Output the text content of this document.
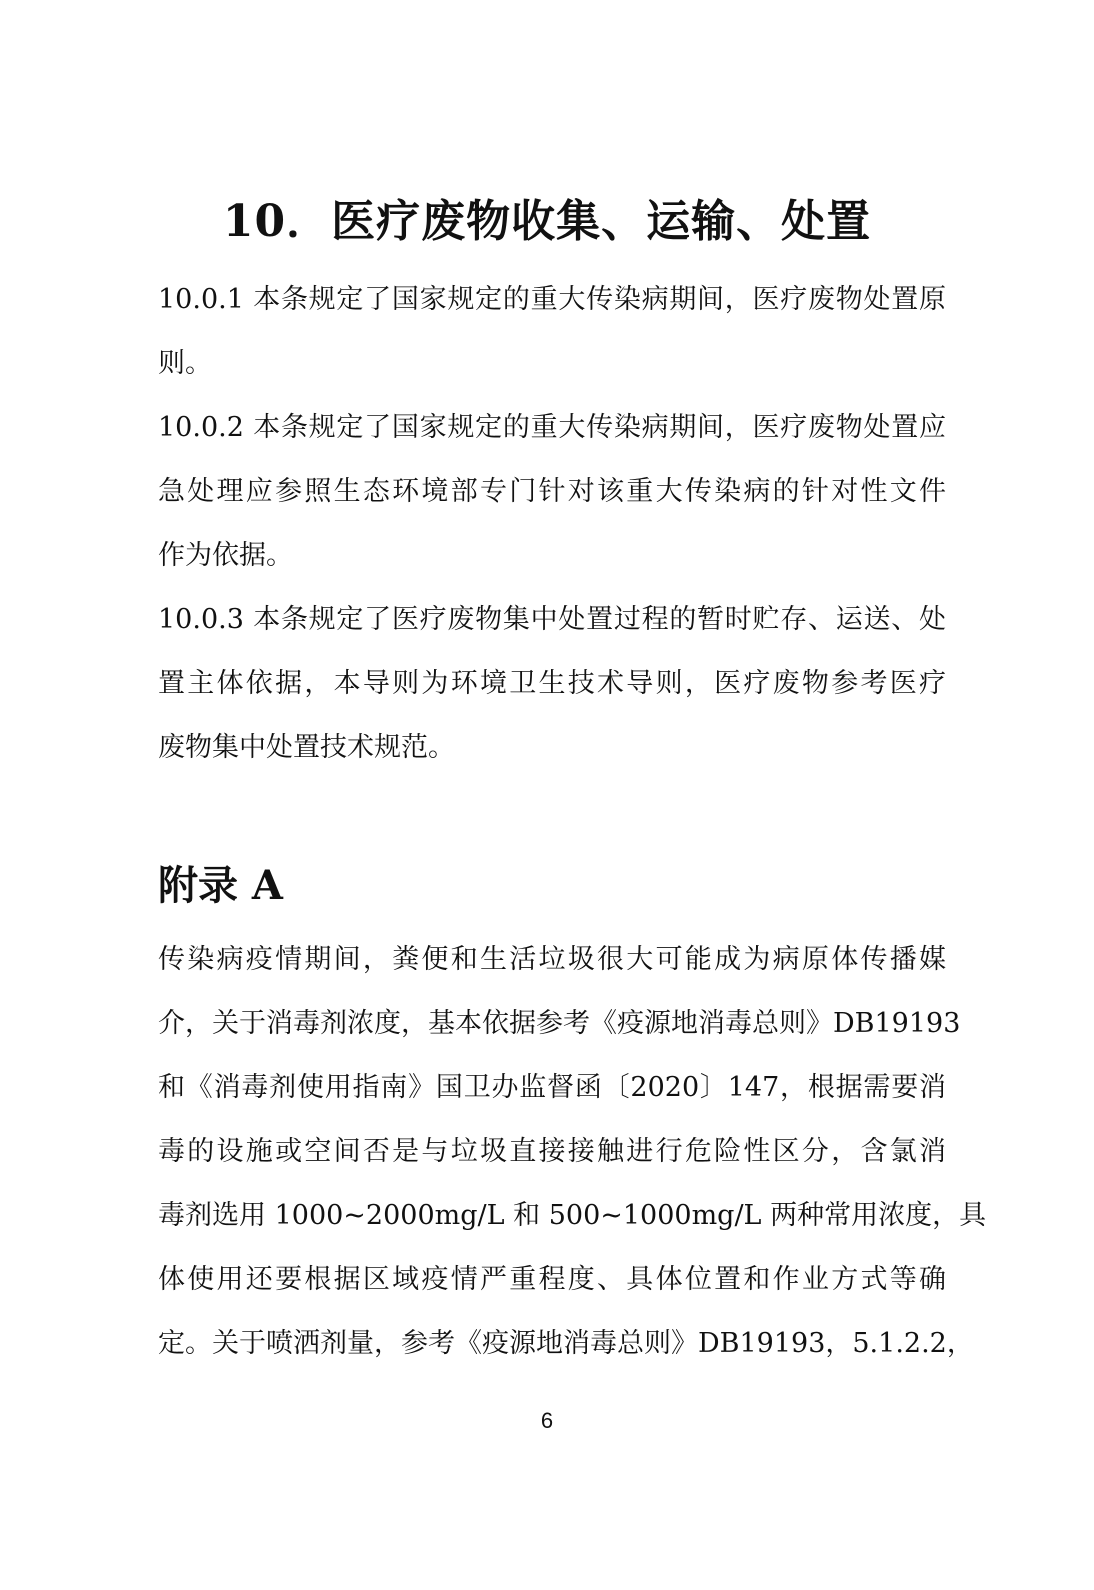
10．医疗废物收集、运输、处置
10.0.1 本条规定了国家规定的重大传染病期间，医疗废物处置原
则。
10.0.2 本条规定了国家规定的重大传染病期间，医疗废物处置应
急处理应参照生态环境部专门针对该重大传染病的针对性文件
作为依据。
10.0.3 本条规定了医疗废物集中处置过程的暂时贮存、运送、处
置主体依据，本导则为环境卫生技术导则，医疗废物参考医疗
废物集中处置技术规范。
附录 A
传染病疫情期间，粪便和生活垃圾很大可能成为病原体传播媒
介，关于消毒剂浓度，基本依据参考《疫源地消毒总则》DB19193
和《消毒剂使用指南》国卫办监督函〔2020〕147，根据需要消
毒的设施或空间否是与垃圾直接接触进行危险性区分，含氯消
毒剂选用 1000~2000mg/L 和 500~1000mg/L 两种常用浓度，具
体使用还要根据区域疫情严重程度、具体位置和作业方式等确
定。关于喷洒剂量，参考《疫源地消毒总则》DB19193，5.1.2.2，
6
